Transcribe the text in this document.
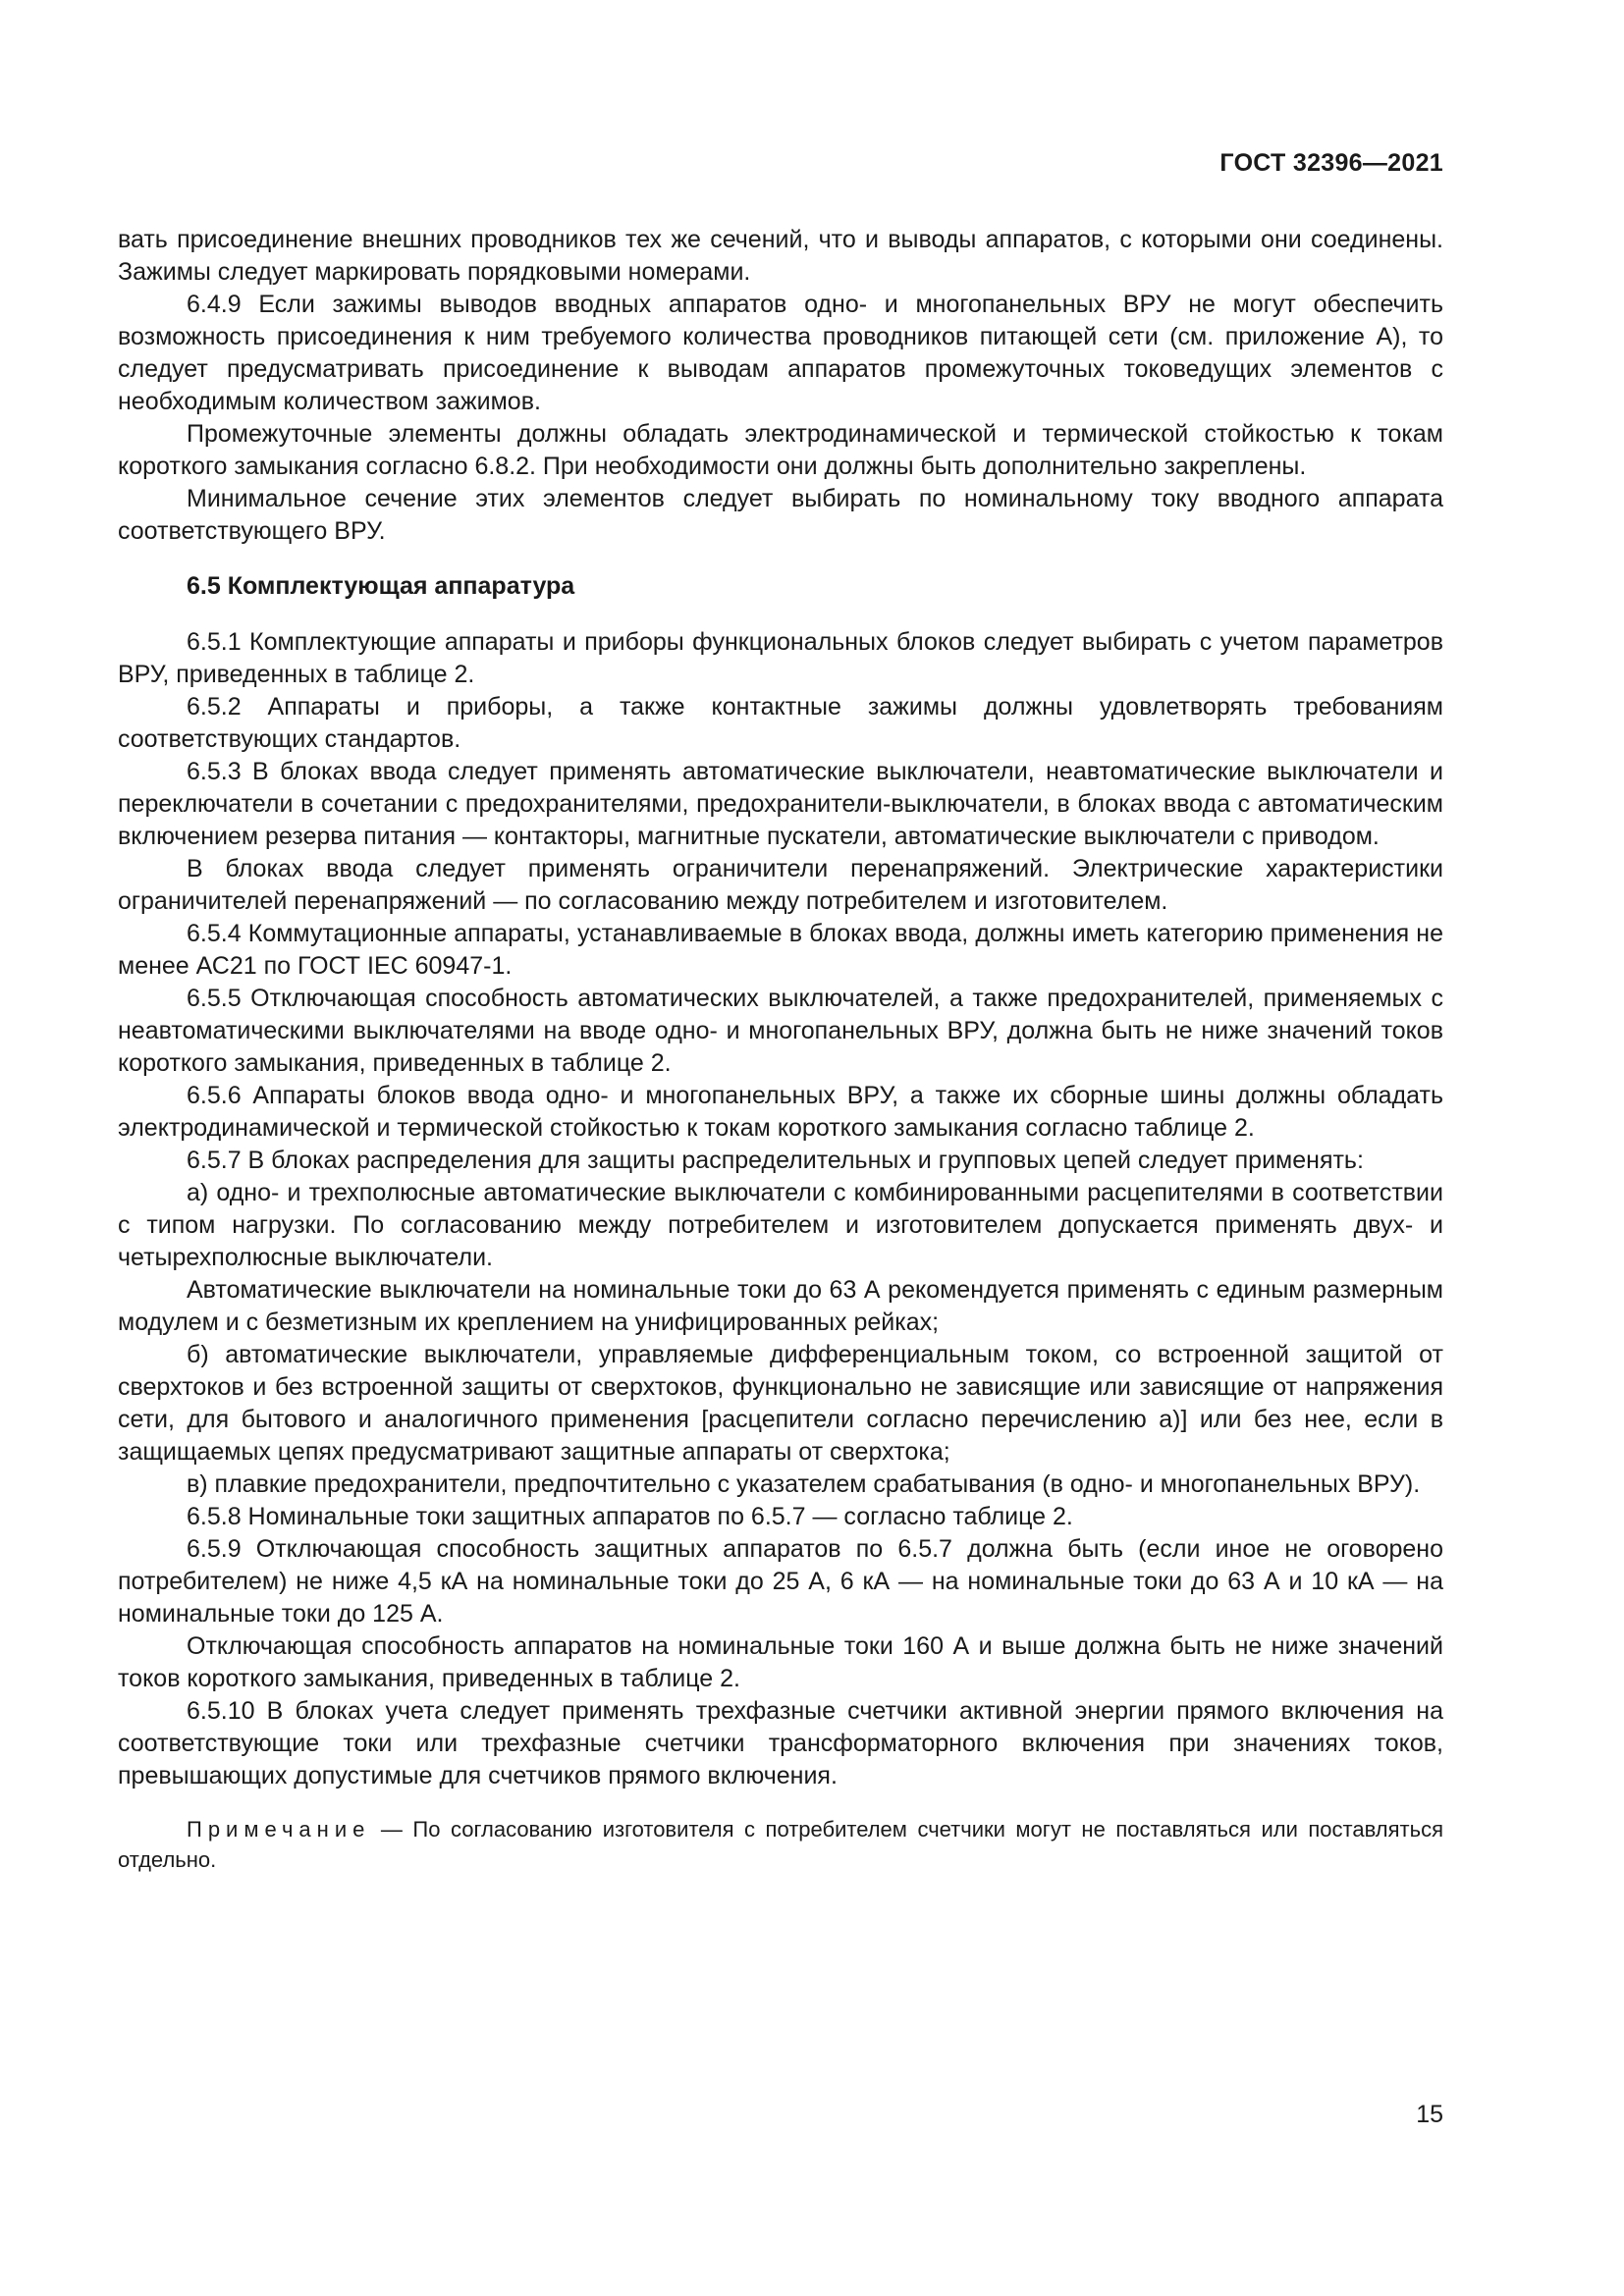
ГОСТ 32396—2021

вать присоединение внешних проводников тех же сечений, что и выводы аппаратов, с которыми они соединены. Зажимы следует маркировать порядковыми номерами.

6.4.9 Если зажимы выводов вводных аппаратов одно- и многопанельных ВРУ не могут обеспечить возможность присоединения к ним требуемого количества проводников питающей сети (см. приложение А), то следует предусматривать присоединение к выводам аппаратов промежуточных токоведущих элементов с необходимым количеством зажимов.

Промежуточные элементы должны обладать электродинамической и термической стойкостью к токам короткого замыкания согласно 6.8.2. При необходимости они должны быть дополнительно закреплены.

Минимальное сечение этих элементов следует выбирать по номинальному току вводного аппарата соответствующего ВРУ.

6.5 Комплектующая аппаратура

6.5.1 Комплектующие аппараты и приборы функциональных блоков следует выбирать с учетом параметров ВРУ, приведенных в таблице 2.

6.5.2 Аппараты и приборы, а также контактные зажимы должны удовлетворять требованиям соответствующих стандартов.

6.5.3 В блоках ввода следует применять автоматические выключатели, неавтоматические выключатели и переключатели в сочетании с предохранителями, предохранители-выключатели, в блоках ввода с автоматическим включением резерва питания — контакторы, магнитные пускатели, автоматические выключатели с приводом.

В блоках ввода следует применять ограничители перенапряжений. Электрические характеристики ограничителей перенапряжений — по согласованию между потребителем и изготовителем.

6.5.4 Коммутационные аппараты, устанавливаемые в блоках ввода, должны иметь категорию применения не менее АС21 по ГОСТ IEC 60947-1.

6.5.5 Отключающая способность автоматических выключателей, а также предохранителей, применяемых с неавтоматическими выключателями на вводе одно- и многопанельных ВРУ, должна быть не ниже значений токов короткого замыкания, приведенных в таблице 2.

6.5.6 Аппараты блоков ввода одно- и многопанельных ВРУ, а также их сборные шины должны обладать электродинамической и термической стойкостью к токам короткого замыкания согласно таблице 2.

6.5.7 В блоках распределения для защиты распределительных и групповых цепей следует применять:

а) одно- и трехполюсные автоматические выключатели с комбинированными расцепителями в соответствии с типом нагрузки. По согласованию между потребителем и изготовителем допускается применять двух- и четырехполюсные выключатели.

Автоматические выключатели на номинальные токи до 63 А рекомендуется применять с единым размерным модулем и с безметизным их креплением на унифицированных рейках;

б) автоматические выключатели, управляемые дифференциальным током, со встроенной защитой от сверхтоков и без встроенной защиты от сверхтоков, функционально не зависящие или зависящие от напряжения сети, для бытового и аналогичного применения [расцепители согласно перечислению а)] или без нее, если в защищаемых цепях предусматривают защитные аппараты от сверхтока;

в) плавкие предохранители, предпочтительно с указателем срабатывания (в одно- и многопанельных ВРУ).

6.5.8 Номинальные токи защитных аппаратов по 6.5.7 — согласно таблице 2.

6.5.9 Отключающая способность защитных аппаратов по 6.5.7 должна быть (если иное не оговорено потребителем) не ниже 4,5 кА на номинальные токи до 25 А, 6 кА — на номинальные токи до 63 А и 10 кА — на номинальные токи до 125 А.

Отключающая способность аппаратов на номинальные токи 160 А и выше должна быть не ниже значений токов короткого замыкания, приведенных в таблице 2.

6.5.10 В блоках учета следует применять трехфазные счетчики активной энергии прямого включения на соответствующие токи или трехфазные счетчики трансформаторного включения при значениях токов, превышающих допустимые для счетчиков прямого включения.

Примечание — По согласованию изготовителя с потребителем счетчики могут не поставляться или поставляться отдельно.

15
